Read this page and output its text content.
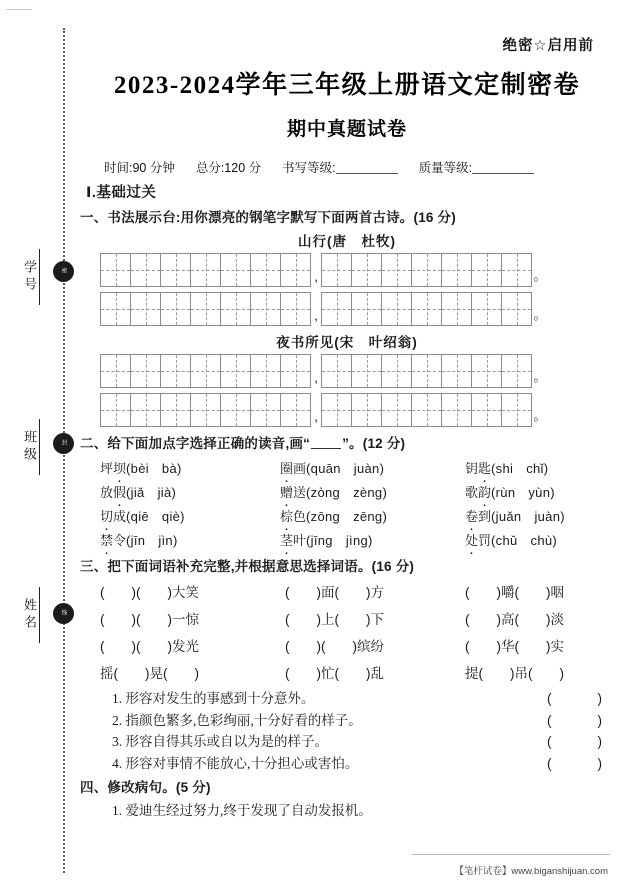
学号	密
班级	封
姓名	线
绝密☆启用前
2023-2024学年三年级上册语文定制密卷
期中真题试卷
时间:90 分钟 总分:120 分 书写等级:	质量等级:
Ⅰ.基础过关
一、书法展示台:用你漂亮的钢笔字默写下面两首古诗。(16 分)
山行(唐　杜牧)
,	。
,	。
夜书所见(宋　叶绍翁)
,	。
,	。
二、给下面加点字选择正确的读音,画“ ”。(12 分)
坪坝(bèi bà)	圈画(quān juàn)	钥匙(shi chǐ)
放假(jiǎ jià)	赠送(zòng zèng)	歌韵(rùn yùn)
切成(qiē qiè)	棕色(zōng zēng)	卷到(juǎn juàn)
禁令(jīn jìn)	茎叶(jīng jìng)	处罚(chǔ chù)
三、把下面词语补充完整,并根据意思选择词语。(16 分)
(　　)(　　)大笑	(　　)面(　　)方	(　　)嚼(　　)咽
(　　)(　　)一惊	(　　)上(　　)下	(　　)高(　　)淡
(　　)(　　)发光	(　　)(　　)缤纷	(　　)华(　　)实
摇(　　)晃(　　)	(　　)忙(　　)乱	提(　　)吊(　　)
1. 形容对发生的事感到十分意外。	(	)
2. 指颜色繁多,色彩绚丽,十分好看的样子。	(	)
3. 形容自得其乐或自以为是的样子。	(	)
4. 形容对事情不能放心,十分担心或害怕。	(	)
四、修改病句。(5 分)
1. 爱迪生经过努力,终于发现了自动发报机。
【笔杆试卷】www.biganshijuan.com
